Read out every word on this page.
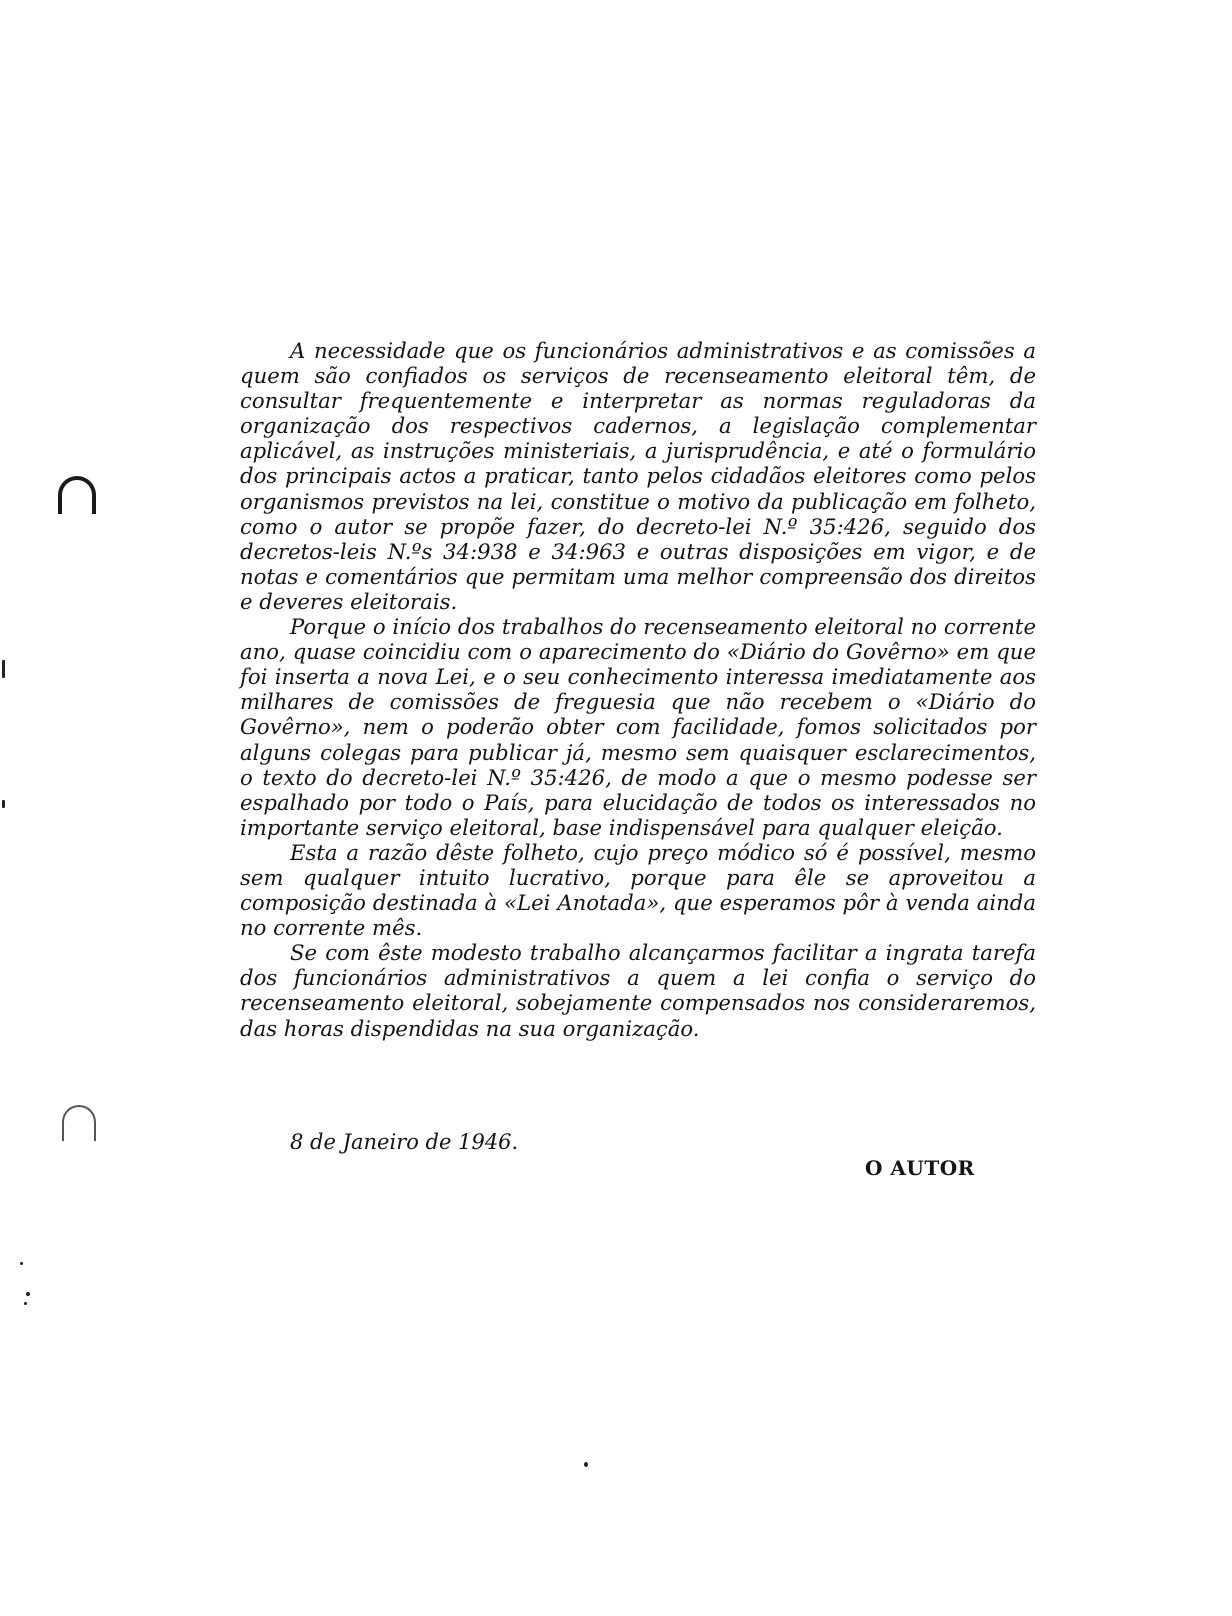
A necessidade que os funcionários administrativos e as comissões a quem são confiados os serviços de recenseamento eleitoral têm, de consultar frequentemente e interpretar as normas reguladoras da organização dos respectivos cadernos, a legislação complementar aplicável, as instruções ministeriais, a jurisprudência, e até o formulário dos principais actos a praticar, tanto pelos cidadãos eleitores como pelos organismos previstos na lei, constitue o motivo da publicação em folheto, como o autor se propõe fazer, do decreto-lei N.º 35:426, seguido dos decretos-leis N.ºs 34:938 e 34:963 e outras disposições em vigor, e de notas e comentários que permitam uma melhor compreensão dos direitos e deveres eleitorais.

Porque o início dos trabalhos do recenseamento eleitoral no corrente ano, quase coincidiu com o aparecimento do «Diário do Govêrno» em que foi inserta a nova Lei, e o seu conhecimento interessa imediatamente aos milhares de comissões de freguesia que não recebem o «Diário do Govêrno», nem o poderão obter com facilidade, fomos solicitados por alguns colegas para publicar já, mesmo sem quaisquer esclarecimentos, o texto do decreto-lei N.º 35:426, de modo a que o mesmo podesse ser espalhado por todo o País, para elucidação de todos os interessados no importante serviço eleitoral, base indispensável para qualquer eleição.

Esta a razão dêste folheto, cujo preço módico só é possível, mesmo sem qualquer intuito lucrativo, porque para êle se aproveitou a composição destinada à «Lei Anotada», que esperamos pôr à venda ainda no corrente mês.

Se com êste modesto trabalho alcançarmos facilitar a ingrata tarefa dos funcionários administrativos a quem a lei confia o serviço do recenseamento eleitoral, sobejamente compensados nos consideraremos, das horas dispendidas na sua organização.

8 de Janeiro de 1946.
O AUTOR
